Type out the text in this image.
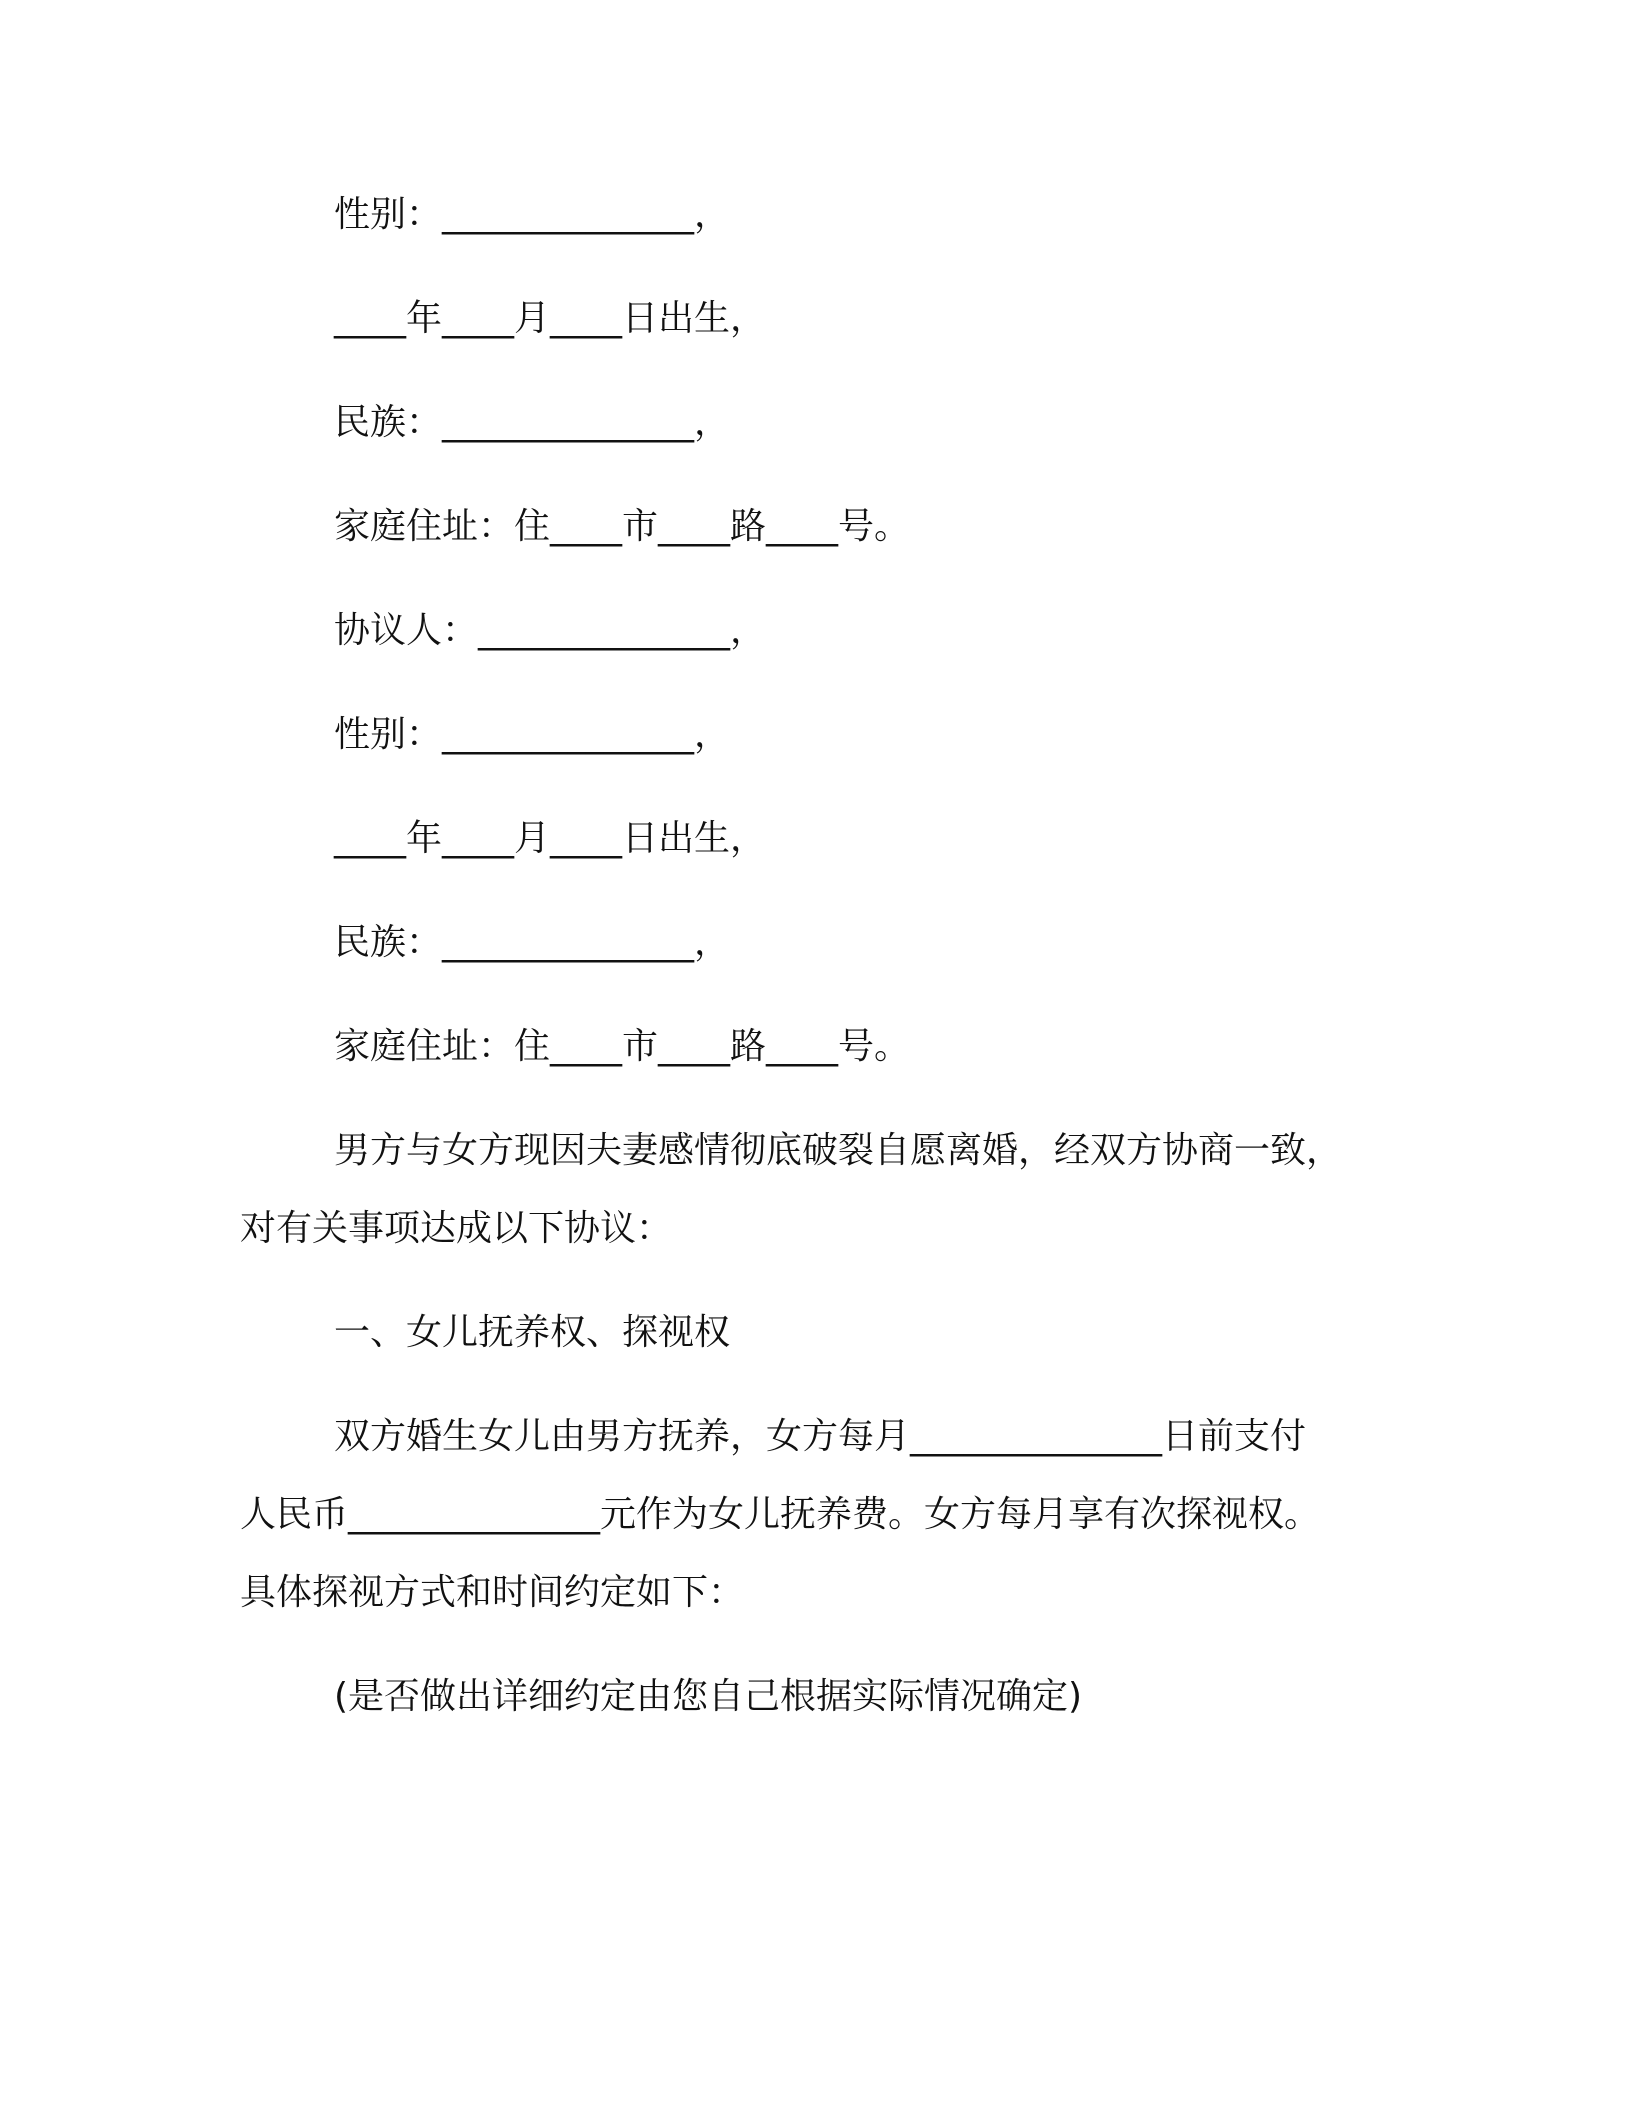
性别：______________，

____年____月____日出生，

民族：______________，

家庭住址：住____市____路____号。

协议人：______________，

性别：______________，

____年____月____日出生，

民族：______________，

家庭住址：住____市____路____号。

男方与女方现因夫妻感情彻底破裂自愿离婚，经双方协商一致，

对有关事项达成以下协议：

一、女儿抚养权、探视权

双方婚生女儿由男方抚养，女方每月______________日前支付

人民币______________元作为女儿抚养费。女方每月享有次探视权。

具体探视方式和时间约定如下：

(是否做出详细约定由您自己根据实际情况确定)
